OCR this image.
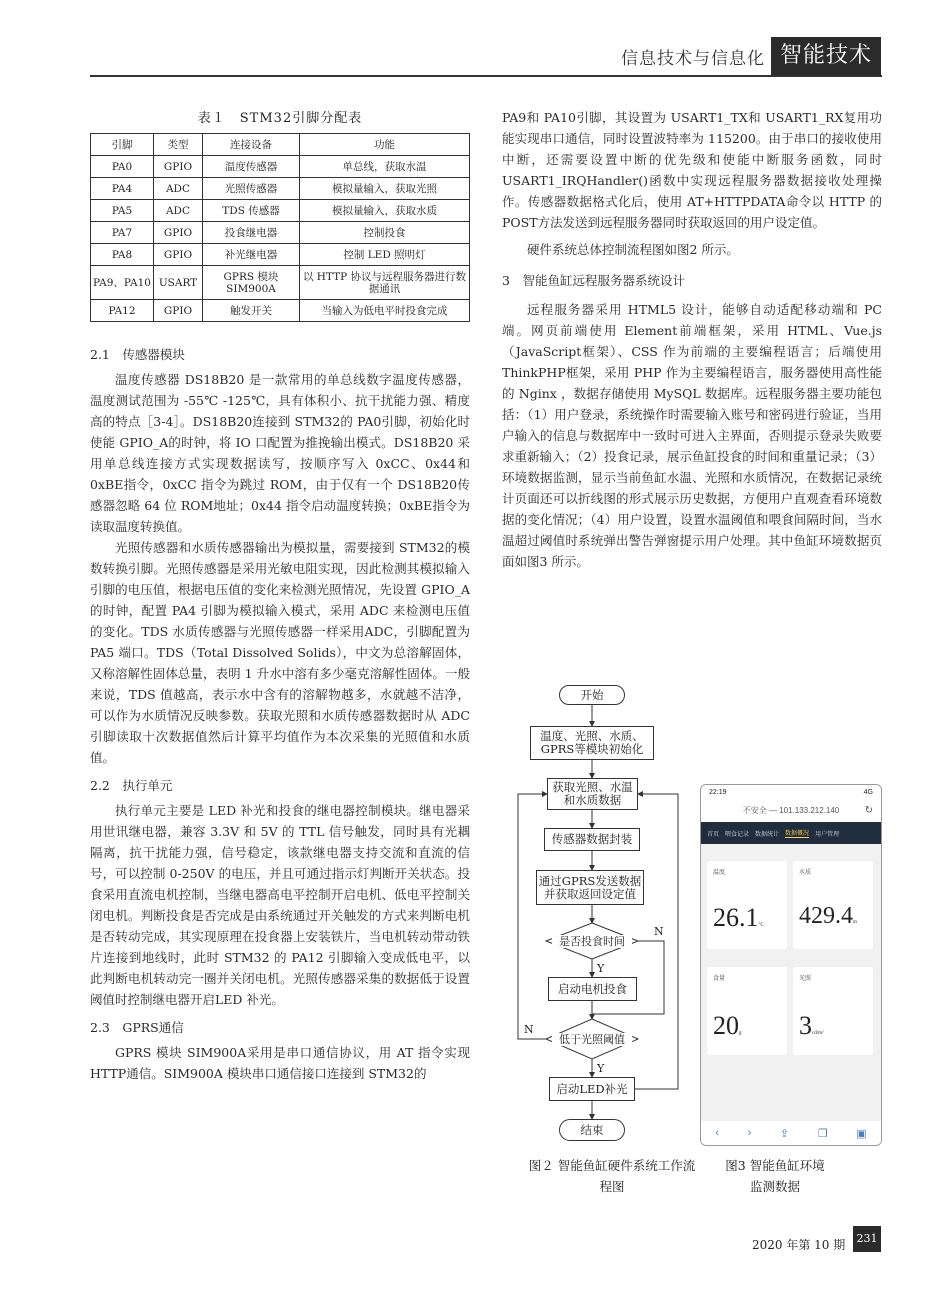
信息技术与信息化 智能技术
表１　STM32引脚分配表
引脚	类型	连接设备	功能
PA0	GPIO	温度传感器	单总线，获取水温
PA4	ADC	光照传感器	模拟量输入，获取光照
PA5	ADC	TDS 传感器	模拟量输入，获取水质
PA7	GPIO	投食继电器	控制投食
PA8	GPIO	补光继电器	控制 LED 照明灯
PA9、PA10	USART	GPRS 模块 SIM900A	以 HTTP 协议与远程服务器进行数据通讯
PA12	GPIO	触发开关	当输入为低电平时投食完成

2.1　传感器模块

温度传感器 DS18B20 是一款常用的单总线数字温度传感器，温度测试范围为 -55℃ -125℃，具有体积小、抗干扰能力强、精度高的特点［3-4］。DS18B20连接到 STM32的 PA0引脚，初始化时使能 GPIO_A的时钟，将 IO 口配置为推挽输出模式。DS18B20 采用单总线连接方式实现数据读写，按顺序写入 0xCC、0x44和 0xBE指令，0xCC 指令为跳过 ROM，由于仅有一个 DS18B20传感器忽略 64 位 ROM地址；0x44 指令启动温度转换；0xBE指令为读取温度转换值。

光照传感器和水质传感器输出为模拟量，需要接到 STM32的模数转换引脚。光照传感器是采用光敏电阻实现，因此检测其模拟输入引脚的电压值，根据电压值的变化来检测光照情况，先设置 GPIO_A 的时钟，配置 PA4 引脚为模拟输入模式，采用 ADC 来检测电压值的变化。TDS 水质传感器与光照传感器一样采用ADC，引脚配置为 PA5 端口。TDS（Total Dissolved Solids），中文为总溶解固体，又称溶解性固体总量，表明 1 升水中溶有多少毫克溶解性固体。一般来说，TDS 值越高，表示水中含有的溶解物越多，水就越不洁净，可以作为水质情况反映参数。获取光照和水质传感器数据时从 ADC 引脚读取十次数据值然后计算平均值作为本次采集的光照值和水质值。

2.2　执行单元

执行单元主要是 LED 补光和投食的继电器控制模块。继电器采用世讯继电器，兼容 3.3V 和 5V 的 TTL 信号触发，同时具有光耦隔离，抗干扰能力强，信号稳定，该款继电器支持交流和直流的信号，可以控制 0-250V 的电压，并且可通过指示灯判断开关状态。投食采用直流电机控制，当继电器高电平控制开启电机、低电平控制关闭电机。判断投食是否完成是由系统通过开关触发的方式来判断电机是否转动完成，其实现原理在投食器上安装铁片，当电机转动带动铁片连接到地线时，此时 STM32 的 PA12 引脚输入变成低电平，以此判断电机转动完一圈并关闭电机。光照传感器采集的数据低于设置阈值时控制继电器开启LED 补光。

2.3　GPRS通信

GPRS 模块 SIM900A采用是串口通信协议，用 AT 指令实现 HTTP通信。SIM900A 模块串口通信接口连接到 STM32的

PA9和 PA10引脚，其设置为 USART1_TX和 USART1_RX复用功能实现串口通信，同时设置波特率为 115200。由于串口的接收使用中断，还需要设置中断的优先级和使能中断服务函数，同时 USART1_IRQHandler()函数中实现远程服务器数据接收处理操作。传感器数据格式化后，使用 AT+HTTPDATA命令以 HTTP 的 POST方法发送到远程服务器同时获取返回的用户设定值。

硬件系统总体控制流程图如图2 所示。

3　智能鱼缸远程服务器系统设计

远程服务器采用 HTML5 设计，能够自动适配移动端和 PC 端。网页前端使用 Element前端框架，采用 HTML、Vue.js（JavaScript框架）、CSS 作为前端的主要编程语言；后端使用 ThinkPHP框架，采用 PHP 作为主要编程语言，服务器使用高性能的 Nginx ，数据存储使用 MySQL 数据库。远程服务器主要功能包括：（1）用户登录，系统操作时需要输入账号和密码进行验证，当用户输入的信息与数据库中一致时可进入主界面，否则提示登录失败要求重新输入；（2）投食记录，展示鱼缸投食的时间和重量记录；（3）环境数据监测，显示当前鱼缸水温、光照和水质情况，在数据记录统计页面还可以折线图的形式展示历史数据，方便用户直观查看环境数据的变化情况；（4）用户设置，设置水温阈值和喂食间隔时间，当水温超过阈值时系统弹出警告弹窗提示用户处理。其中鱼缸环境数据页面如图3 所示。

开始
温度、光照、水质、GPRS等模块初始化
获取光照、水温和水质数据
传感器数据封装
通过GPRS发送数据并获取返回设定值
是否投食时间
启动电机投食
低于光照阈值
启动LED补光
结束
N
Y
N
Y
图２ 智能鱼缸硬件系统工作流程图
图3 智能鱼缸环境监测数据
22:19	4G
不安全 — 101.133.212.140	↻
首页 喂食记录 数据统计 数据概况 用户管理
温度
26.1°C
水质
429.4m
食量
20g
光照
3cd/m²
‹	›	⇪	❐	▣
2020 年第 10 期	231
